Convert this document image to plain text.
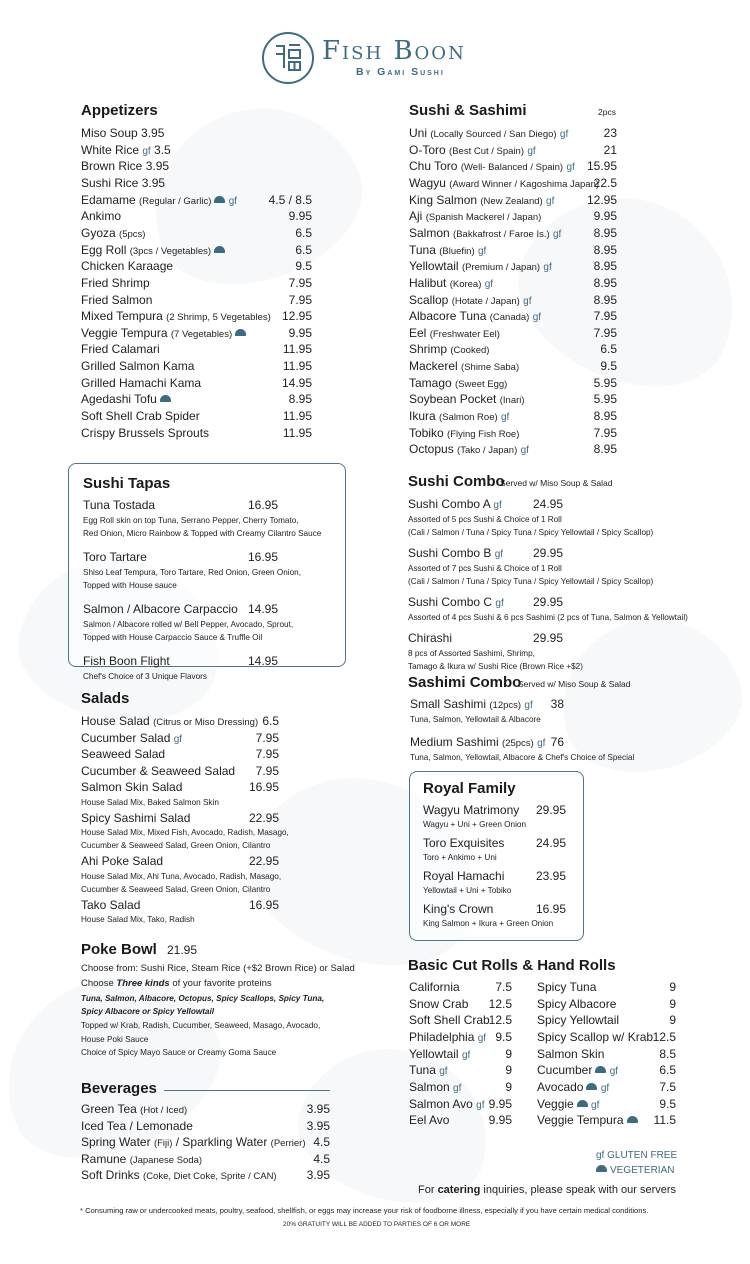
Fish Boon
By Gami Sushi
Appetizers
Miso Soup 3.95
White Rice gf 3.5
Brown Rice 3.95
Sushi Rice 3.95
Edamame (Regular / Garlic) gf	4.5 / 8.5
Ankimo	9.95
Gyoza (5pcs)	6.5
Egg Roll (3pcs / Vegetables)	6.5
Chicken Karaage	9.5
Fried Shrimp	7.95
Fried Salmon	7.95
Mixed Tempura (2 Shrimp, 5 Vegetables) 12.95
Veggie Tempura (7 Vegetables)	9.95
Fried Calamari	11.95
Grilled Salmon Kama	11.95
Grilled Hamachi Kama	14.95
Agedashi Tofu	8.95
Soft Shell Crab Spider	11.95
Crispy Brussels Sprouts	11.95
Sushi & Sashimi	2pcs
Uni (Locally Sourced / San Diego) gf	23
O-Toro (Best Cut / Spain) gf	21
Chu Toro (Well- Balanced / Spain) gf 15.95
Wagyu (Award Winner / Kagoshima Japan)
22.5
King Salmon (New Zealand) gf	12.95
Aji (Spanish Mackerel / Japan)	9.95
Salmon (Bakkafrost / Faroe Is.) gf	8.95
Tuna (Bluefin) gf	8.95
Yellowtail (Premium / Japan) gf	8.95
Halibut (Korea) gf	8.95
Scallop (Hotate / Japan) gf	8.95
Albacore Tuna (Canada) gf	7.95
Eel (Freshwater Eel)	7.95
Shrimp (Cooked)	6.5
Mackerel (Shime Saba)	9.5
Tamago (Sweet Egg)	5.95
Soybean Pocket (Inari)	5.95
Ikura (Salmon Roe) gf	8.95
Tobiko (Flying Fish Roe)	7.95
Octopus (Tako / Japan) gf	8.95
Sushi Tapas
Tuna Tostada	16.95
Egg Roll skin on top Tuna, Serrano Pepper, Cherry Tomato,
Red Onion, Micro Rainbow & Topped with Creamy Cilantro Sauce
Toro Tartare	16.95
Shiso Leaf Tempura, Toro Tartare, Red Onion, Green Onion,
Topped with House sauce
Salmon / Albacore Carpaccio 14.95
Salmon / Albacore rolled w/ Bell Pepper, Avocado, Sprout,
Topped with House Carpaccio Sauce & Truffle Oil
Fish Boon Flight	14.95
Chef's Choice of 3 Unique Flavors
Sushi Combo
Served w/ Miso Soup & Salad
Sushi Combo A gf	24.95
Assorted of 5 pcs Sushi & Choice of 1 Roll
(Cali / Salmon / Tuna / Spicy Tuna / Spicy Yellowtail / Spicy Scallop)
Sushi Combo B gf 29.95
Assorted of 7 pcs Sushi & Choice of 1 Roll
(Cali / Salmon / Tuna / Spicy Tuna / Spicy Yellowtail / Spicy Scallop)
Sushi Combo C gf 29.95
Assorted of 4 pcs Sushi & 6 pcs Sashimi (2 pcs of Tuna, Salmon & Yellowtail)
Chirashi	29.95
8 pcs of Assorted Sashimi, Shrimp,
Tamago & Ikura w/ Sushi Rice (Brown Rice +$2)
Sashimi Combo
Served w/ Miso Soup & Salad
Small Sashimi (12pcs) gf 38
Tuna, Salmon, Yellowtail & Albacore
Medium Sashimi (25pcs) gf 76
Tuna, Salmon, Yellowtail, Albacore & Chef's Choice of Special
Royal Family
Wagyu Matrimony 29.95
Wagyu + Uni + Green Onion
Toro Exquisites	24.95
Toro + Ankimo + Uni
Royal Hamachi	23.95
Yellowtail + Uni + Tobiko
King's Crown	16.95
King Salmon + Ikura + Green Onion
Salads
House Salad (Citrus or Miso Dressing) 6.5
Cucumber Salad gf	7.95
Seaweed Salad	7.95
Cucumber & Seaweed Salad 7.95
Salmon Skin Salad	16.95
House Salad Mix, Baked Salmon Skin
Spicy Sashimi Salad	22.95
House Salad Mix, Mixed Fish, Avocado, Radish, Masago,
Cucumber & Seaweed Salad, Green Onion, Cilantro
Ahi Poke Salad	22.95
House Salad Mix, Ahi Tuna, Avocado, Radish, Masago,
Cucumber & Seaweed Salad, Green Onion, Cilantro
Tako Salad	16.95
House Salad Mix, Tako, Radish
Poke Bowl 21.95
Choose from: Sushi Rice, Steam Rice (+$2 Brown Rice) or Salad
Choose Three kinds of your favorite proteins
Tuna, Salmon, Albacore, Octopus, Spicy Scallops, Spicy Tuna,
Spicy Albacore or Spicy Yellowtail
Topped w/ Krab, Radish, Cucumber, Seaweed, Masago, Avocado,
House Poki Sauce
Choice of Spicy Mayo Sauce or Creamy Goma Sauce
Beverages
Green Tea (Hot / Iced)	3.95
Iced Tea / Lemonade	3.95
Spring Water (Fiji) / Sparkling Water (Perrier) 4.5
Ramune (Japanese Soda)	4.5
Soft Drinks (Coke, Diet Coke, Sprite / CAN)	3.95
Basic Cut Rolls & Hand Rolls
California	7.5
Snow Crab 12.5
Soft Shell Crab
12.5
Philadelphia gf 9.5
Yellowtail gf	9
Tuna gf	9
Salmon gf	9
Salmon Avo gf 9.95
Eel Avo	9.95
Spicy Tuna	9
Spicy Albacore	9
Spicy Yellowtail	9
Spicy Scallop w/ Krab 12.5
Salmon Skin	8.5
Cucumber gf	6.5
Avocado gf	7.5
Veggie gf	9.5
Veggie Tempura	11.5
gf GLUTEN FREE
VEGETERIAN
For catering inquiries, please speak with our servers
* Consuming raw or undercooked meats, poultry, seafood, shellfish, or eggs may increase your risk of foodborne illness, especially if you have certain medical conditions.
20% GRATUITY WILL BE ADDED TO PARTIES OF 6 OR MORE
